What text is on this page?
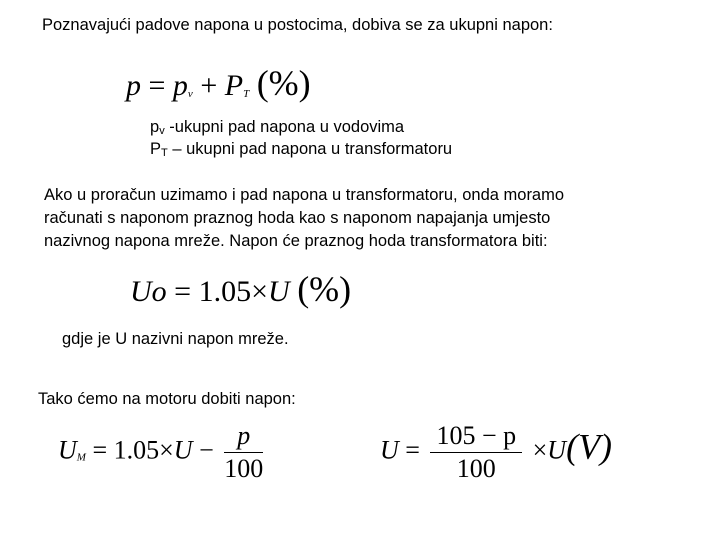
Poznavajući padove napona u postocima, dobiva se za ukupni napon:
$p = p_v + P_T$ (%)
$p_v$ -ukupni pad napona u vodovima
$P_T$ – ukupni pad napona u transformatoru
Ako u proračun uzimamo i pad napona u transformatoru, onda moramo
računati s naponom praznog hoda kao s naponom napajanja umjesto
nazivnog napona mreže. Napon će praznog hoda transformatora biti:
Uo = 1.05×U (%)
gdje je U nazivni napon mreže.
Tako ćemo na motoru dobiti napon:
$U_M = 1.05\times U - \frac{p}{100}$	$U = \frac{105 - p}{100} \times U(V)$
